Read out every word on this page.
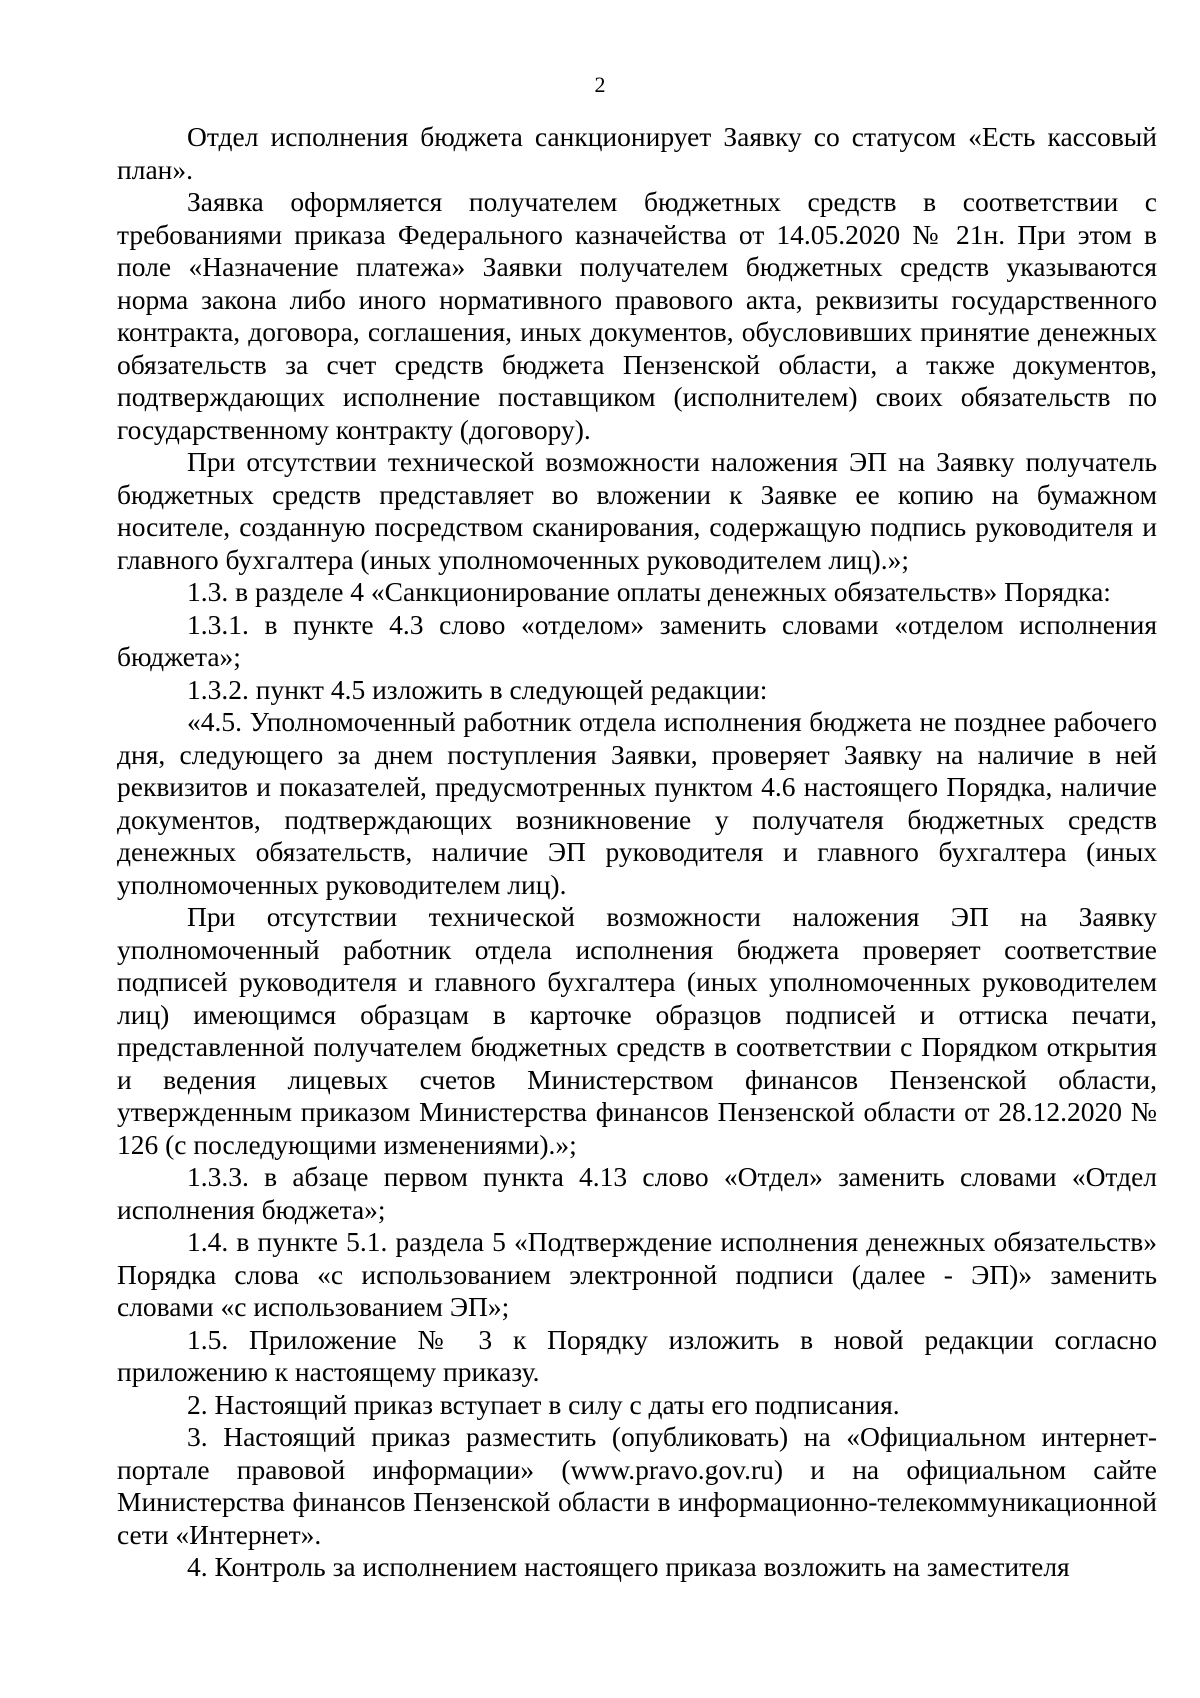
2

Отдел исполнения бюджета санкционирует Заявку со статусом «Есть кассовый план».

Заявка оформляется получателем бюджетных средств в соответствии с требованиями приказа Федерального казначейства от 14.05.2020 № 21н. При этом в поле «Назначение платежа» Заявки получателем бюджетных средств указываются норма закона либо иного нормативного правового акта, реквизиты государственного контракта, договора, соглашения, иных документов, обусловивших принятие денежных обязательств за счет средств бюджета Пензенской области, а также документов, подтверждающих исполнение поставщиком (исполнителем) своих обязательств по государственному контракту (договору).

При отсутствии технической возможности наложения ЭП на Заявку получатель бюджетных средств представляет во вложении к Заявке ее копию на бумажном носителе, созданную посредством сканирования, содержащую подпись руководителя и главного бухгалтера (иных уполномоченных руководителем лиц).»;

1.3. в разделе 4 «Санкционирование оплаты денежных обязательств» Порядка:

1.3.1. в пункте 4.3 слово «отделом» заменить словами «отделом исполнения бюджета»;

1.3.2. пункт 4.5 изложить в следующей редакции:

«4.5. Уполномоченный работник отдела исполнения бюджета не позднее рабочего дня, следующего за днем поступления Заявки, проверяет Заявку на наличие в ней реквизитов и показателей, предусмотренных пунктом 4.6 настоящего Порядка, наличие документов, подтверждающих возникновение у получателя бюджетных средств денежных обязательств, наличие ЭП руководителя и главного бухгалтера (иных уполномоченных руководителем лиц).

При отсутствии технической возможности наложения ЭП на Заявку уполномоченный работник отдела исполнения бюджета проверяет соответствие подписей руководителя и главного бухгалтера (иных уполномоченных руководителем лиц) имеющимся образцам в карточке образцов подписей и оттиска печати, представленной получателем бюджетных средств в соответствии с Порядком открытия и ведения лицевых счетов Министерством финансов Пензенской области, утвержденным приказом Министерства финансов Пензенской области от 28.12.2020 № 126 (с последующими изменениями).»;

1.3.3. в абзаце первом пункта 4.13 слово «Отдел» заменить словами «Отдел исполнения бюджета»;

1.4. в пункте 5.1. раздела 5 «Подтверждение исполнения денежных обязательств» Порядка слова «с использованием электронной подписи (далее - ЭП)» заменить словами «с использованием ЭП»;

1.5. Приложение № 3 к Порядку изложить в новой редакции согласно приложению к настоящему приказу.

2. Настоящий приказ вступает в силу с даты его подписания.

3. Настоящий приказ разместить (опубликовать) на «Официальном интернет-портале правовой информации» (www.pravo.gov.ru) и на официальном сайте Министерства финансов Пензенской области в информационно-телекоммуникационной сети «Интернет».

4. Контроль за исполнением настоящего приказа возложить на заместителя
